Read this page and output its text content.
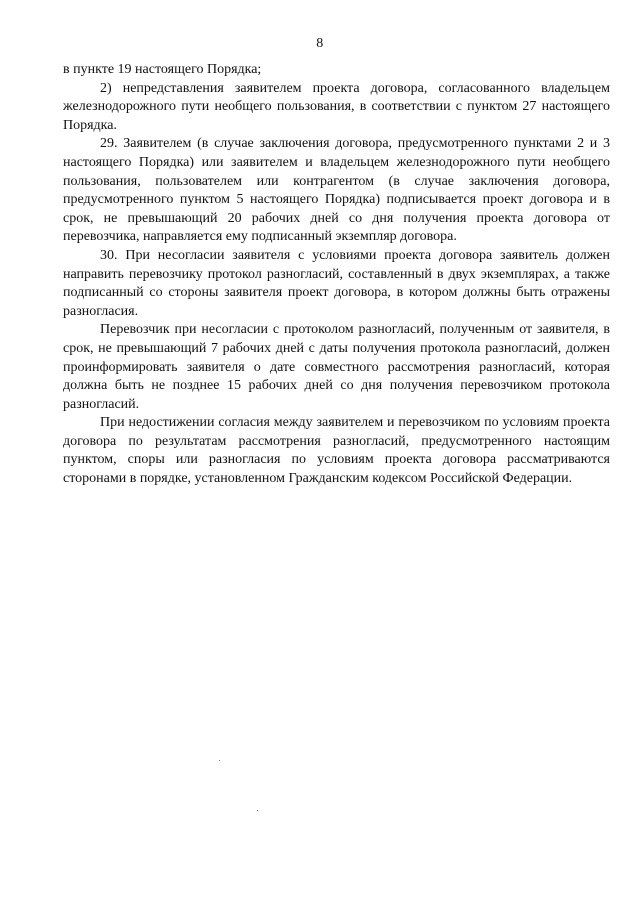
8

в пункте 19 настоящего Порядка;

2) непредставления заявителем проекта договора, согласованного владельцем железнодорожного пути необщего пользования, в соответствии с пунктом 27 настоящего Порядка.

29. Заявителем (в случае заключения договора, предусмотренного пунктами 2 и 3 настоящего Порядка) или заявителем и владельцем железнодорожного пути необщего пользования, пользователем или контрагентом (в случае заключения договора, предусмотренного пунктом 5 настоящего Порядка) подписывается проект договора и в срок, не превышающий 20 рабочих дней со дня получения проекта договора от перевозчика, направляется ему подписанный экземпляр договора.

30. При несогласии заявителя с условиями проекта договора заявитель должен направить перевозчику протокол разногласий, составленный в двух экземплярах, а также подписанный со стороны заявителя проект договора, в котором должны быть отражены разногласия.

Перевозчик при несогласии с протоколом разногласий, полученным от заявителя, в срок, не превышающий 7 рабочих дней с даты получения протокола разногласий, должен проинформировать заявителя о дате совместного рассмотрения разногласий, которая должна быть не позднее 15 рабочих дней со дня получения перевозчиком протокола разногласий.

При недостижении согласия между заявителем и перевозчиком по условиям проекта договора по результатам рассмотрения разногласий, предусмотренного настоящим пунктом, споры или разногласия по условиям проекта договора рассматриваются сторонами в порядке, установленном Гражданским кодексом Российской Федерации.
